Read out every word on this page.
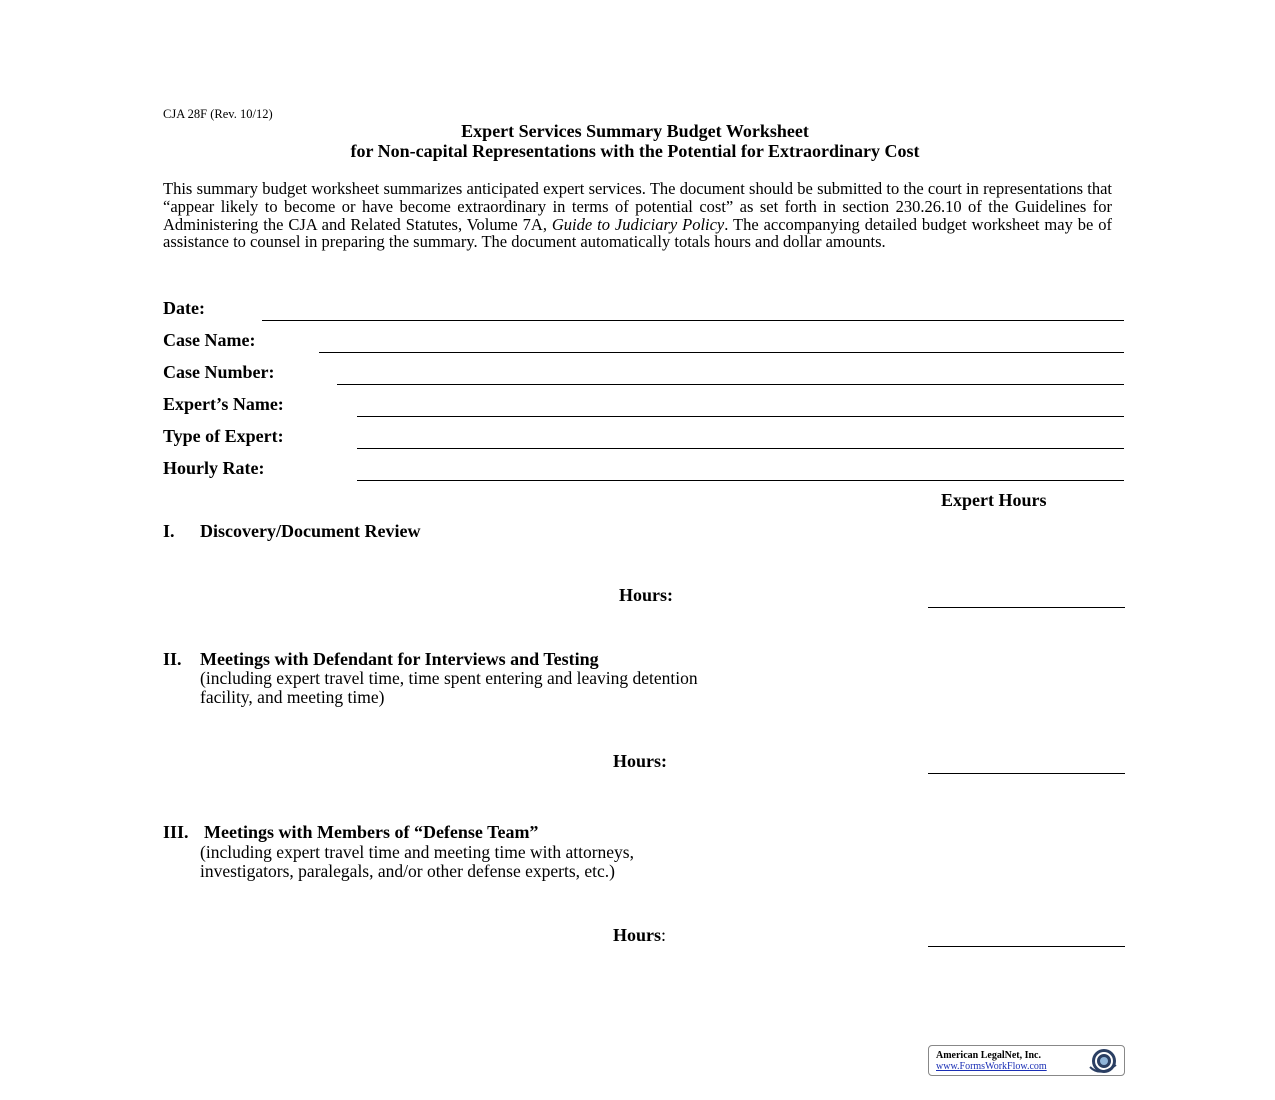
CJA 28F (Rev. 10/12)
Expert Services Summary Budget Worksheet
for Non-capital Representations with the Potential for Extraordinary Cost
This summary budget worksheet summarizes anticipated expert services. The document should be submitted to the court in representations that “appear likely to become or have become extraordinary in terms of potential cost” as set forth in section 230.26.10 of the Guidelines for Administering the CJA and Related Statutes, Volume 7A, Guide to Judiciary Policy. The accompanying detailed budget worksheet may be of assistance to counsel in preparing the summary. The document automatically totals hours and dollar amounts.
Date:
Case Name:
Case Number:
Expert’s Name:
Type of Expert:
Hourly Rate:
Expert Hours
I. Discovery/Document Review
Hours:
II. Meetings with Defendant for Interviews and Testing
(including expert travel time, time spent entering and leaving detention
facility, and meeting time)
Hours:
III. Meetings with Members of “Defense Team”
(including expert travel time and meeting time with attorneys,
investigators, paralegals, and/or other defense experts, etc.)
Hours:
American LegalNet, Inc.
www.FormsWorkFlow.com
